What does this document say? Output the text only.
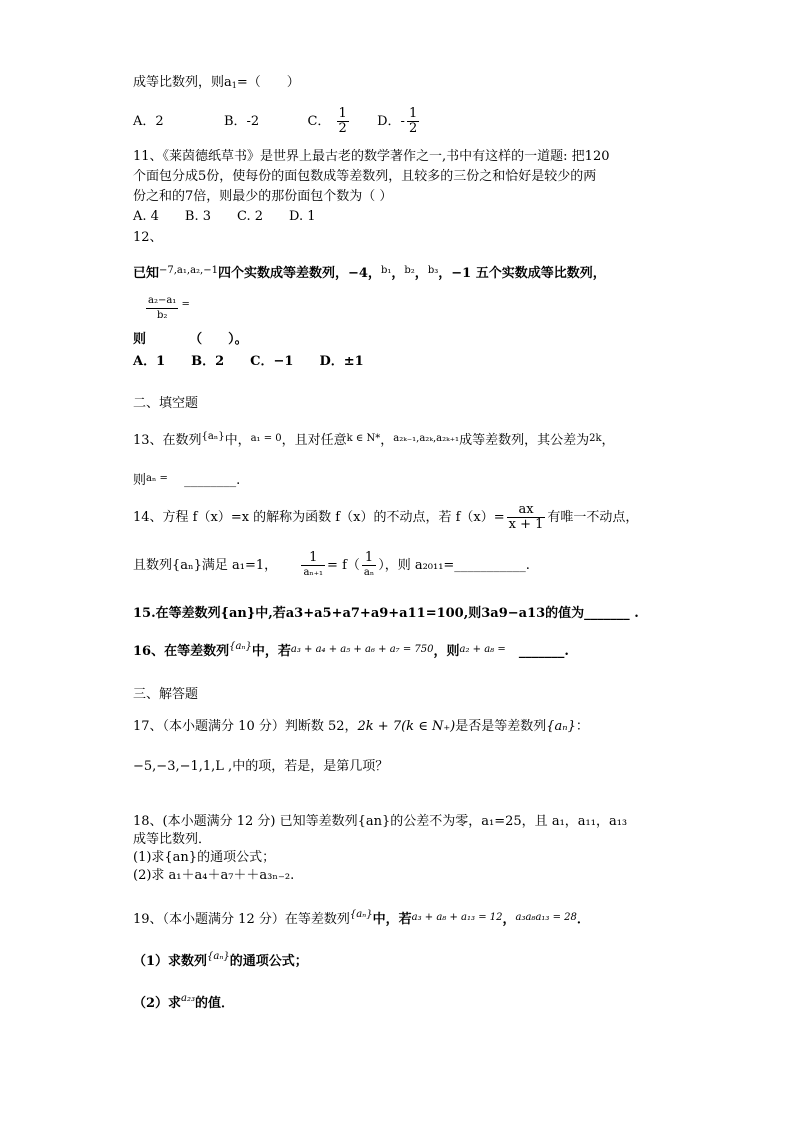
成等比数列，则$a_1=$（　　）
A．2	B．-2	C． $\frac{1}{2}$ D．- $\frac{1}{2}$
11、《莱茵德纸草书》是世界上最古老的数学著作之一,书中有这样的一道题: 把120
个面包分成5份，使每份的面包数成等差数列，且较多的三份之和恰好是较少的两
份之和的7倍，则最少的那份面包个数为（ ）
A. 4　　B. 3　　C. 2　　D. 1
12、
已知$^{-7,a_1,a_2,-1}$四个实数成等差数列，−4，$^{b_1}$，$^{b_2}$，$^{b_3}$，−1 五个实数成等比数列，
$\frac{\text{a₂−a₁}}{\text{b₂}}$ =
则	（　　）。
A．1　　B．2　　C．−1　　D．±1
二、填空题
13、在数列$^{\{a_n\}}$中，$^{a_1 = 0}$，且对任意$^{k \in N*}$，$^{a_{2k-1},a_{2k},a_{2k+1}}$成等差数列，其公差为$^{2k}$，
则$^{a_n =}$ ________.
14、方程 f（x）=x 的解称为函数 f（x）的不动点，若 $f(x)= \frac{ax}{x + 1}$ 有唯一不动点，
且数列{aₙ}满足 a₁=1， $\frac{1}{\text{aₙ₊₁}} = f( \frac{1}{\text{aₙ}}$ ），则 a₂₀₁₁=___________.
15.在等差数列{an}中,若a3+a5+a7+a9+a11=100,则3a9−a13的值为_______ .
16、在等差数列$^{\{a_n\}}$中，若$^{a_3 + a_4 + a_5 + a_6 + a_7 = 750}$，则$^{a_2 + a_8 =}$ _______.
三、解答题
17、（本小题满分 10 分）判断数 52，2k + 7(k ∈ N₊)是否是等差数列{aₙ}：
−5,−3,−1,1,L ,中的项，若是，是第几项？
18、(本小题满分 12 分) 已知等差数列{an}的公差不为零，a₁=25，且 a₁，a₁₁，a₁₃
成等比数列．
(1)求{an}的通项公式；
(2)求 a₁＋a₄＋a₇＋＋a₃ₙ₋₂.
19、（本小题满分 12 分）在等差数列$^{\{a_n\}}$中，若$^{a_3 + a_8 + a_{13} = 12}$，$^{a_3a_8a_{13} = 28}$．
（1）求数列$^{\{a_n\}}$的通项公式；
（2）求$^{a_{23}}$的值．
